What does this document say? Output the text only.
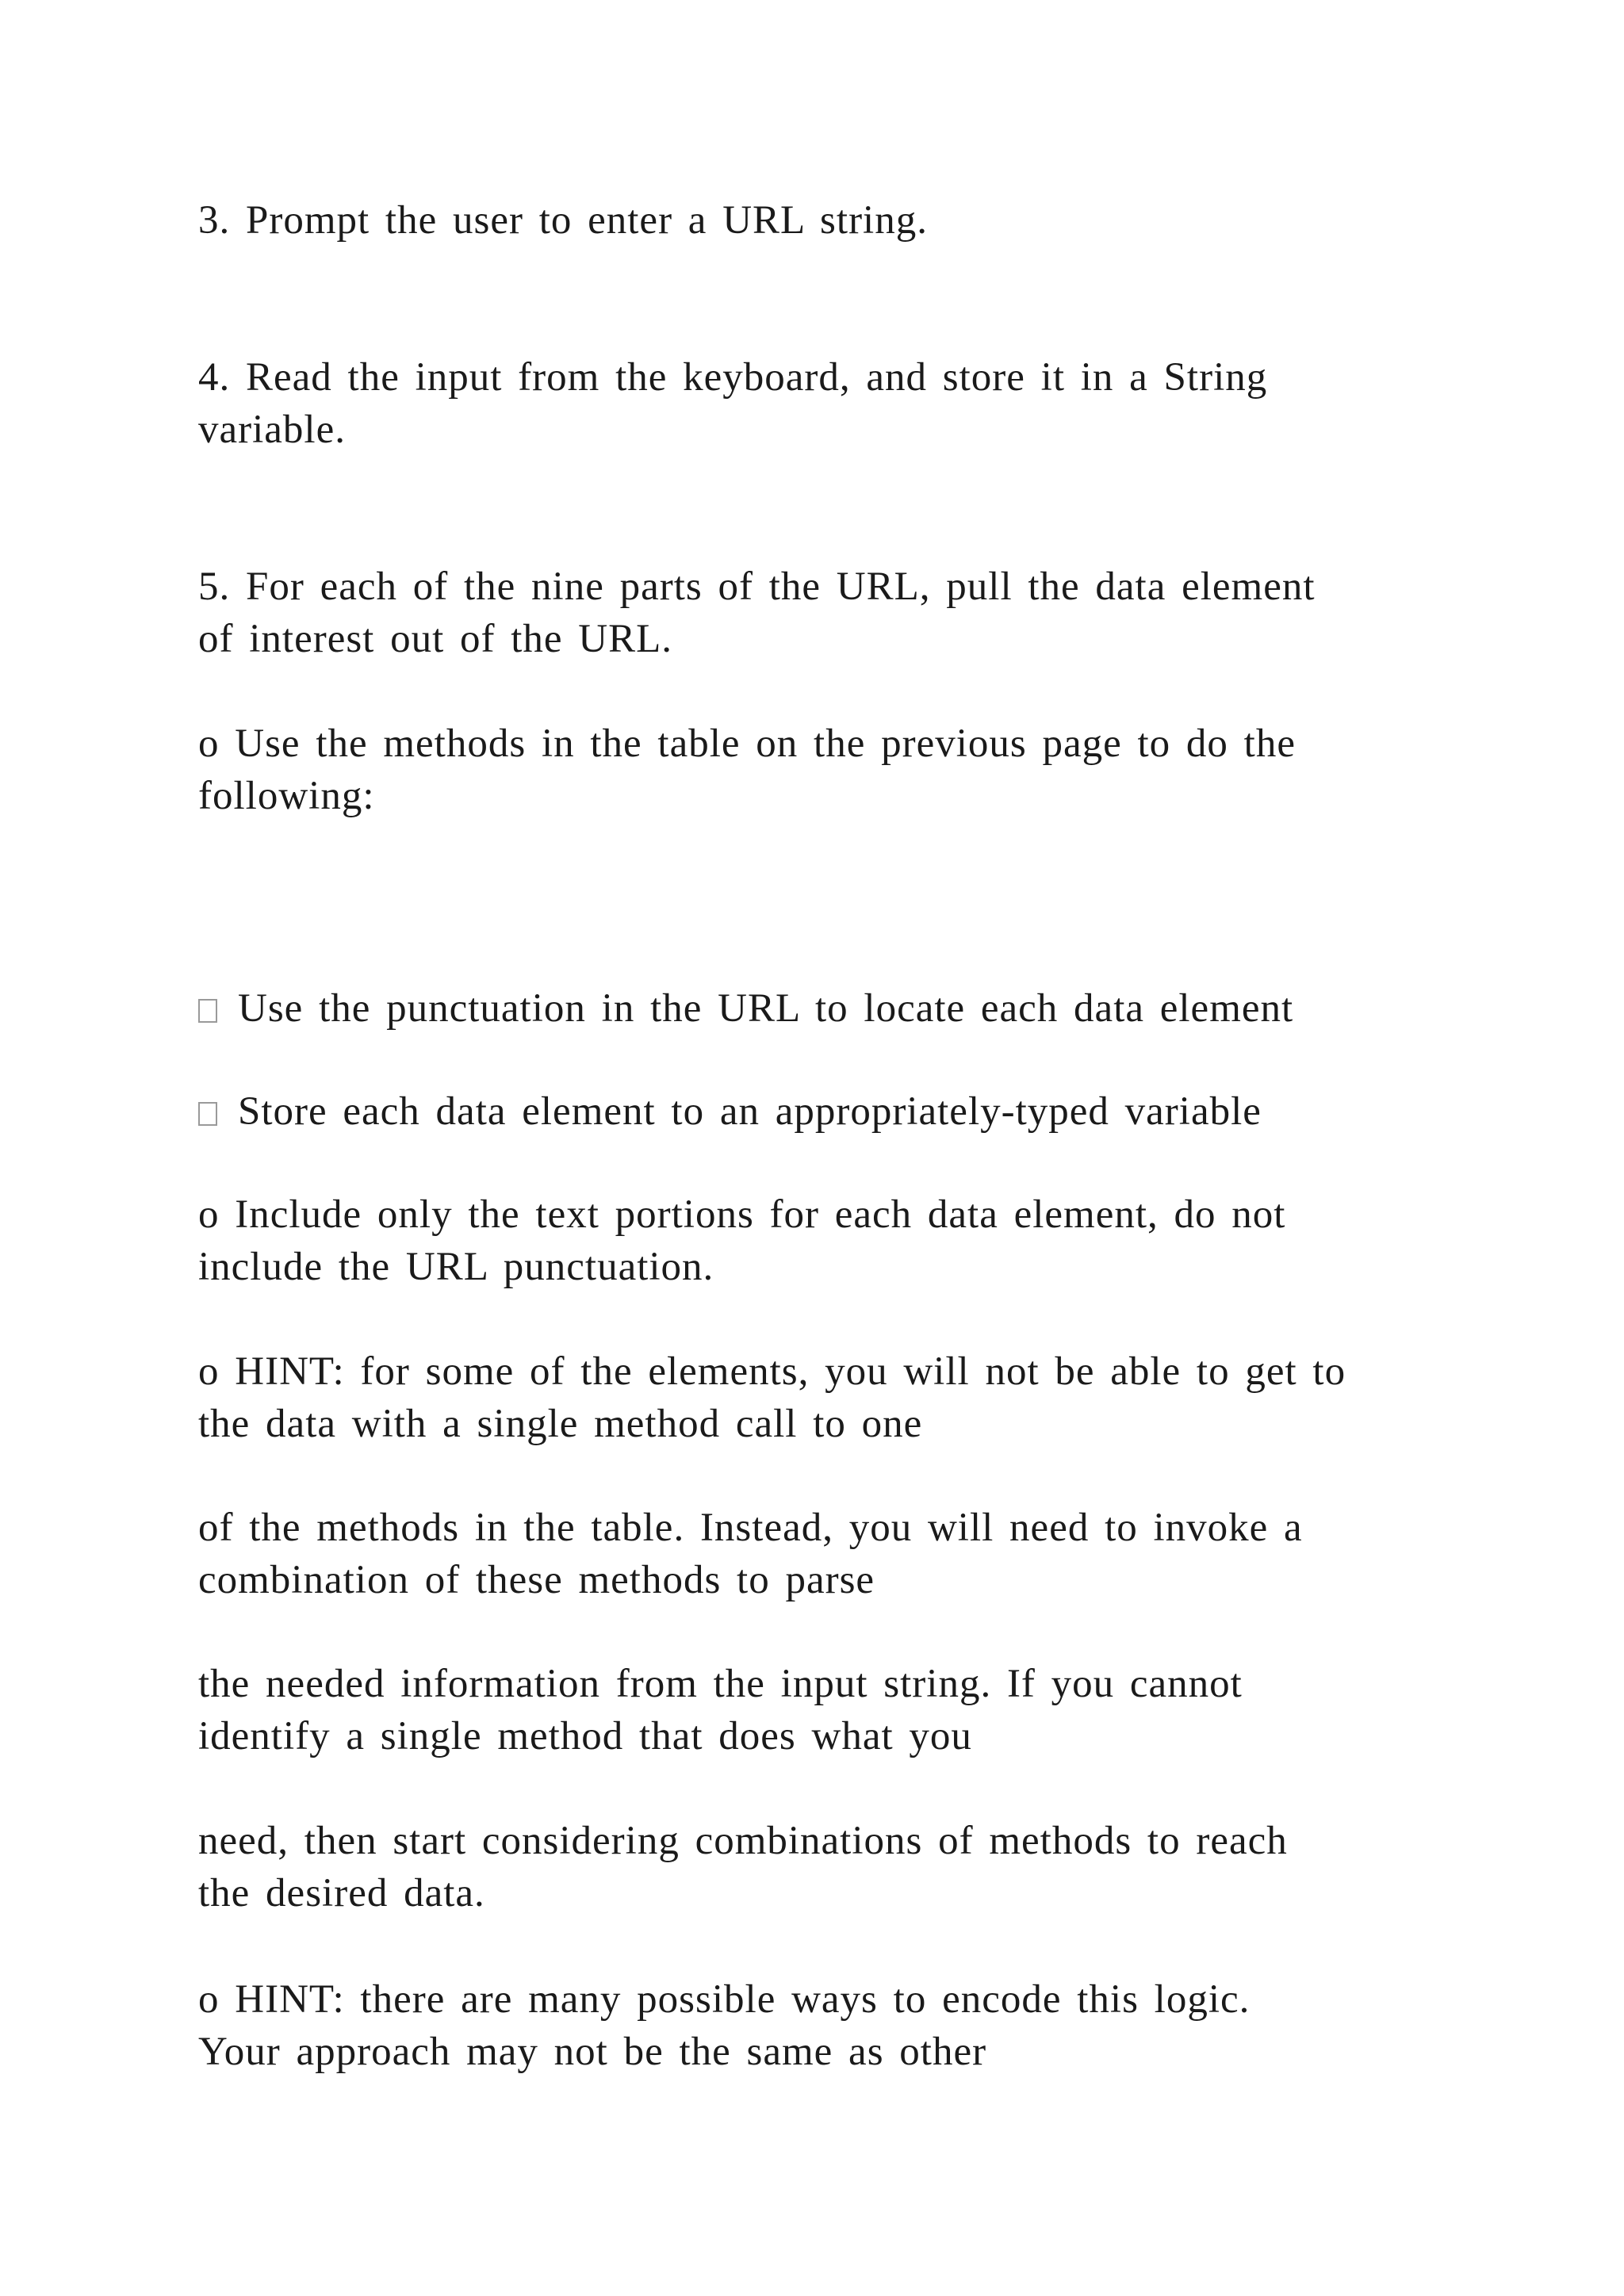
3. Prompt the user to enter a URL string.

4. Read the input from the keyboard, and store it in a String
variable.

5. For each of the nine parts of the URL, pull the data element
of interest out of the URL.

o Use the methods in the table on the previous page to do the
following:

Use the punctuation in the URL to locate each data element

Store each data element to an appropriately-typed variable

o Include only the text portions for each data element, do not
include the URL punctuation.

o HINT: for some of the elements, you will not be able to get to
the data with a single method call to one

of the methods in the table. Instead, you will need to invoke a
combination of these methods to parse

the needed information from the input string. If you cannot
identify a single method that does what you

need, then start considering combinations of methods to reach
the desired data.

o HINT: there are many possible ways to encode this logic.
Your approach may not be the same as other
